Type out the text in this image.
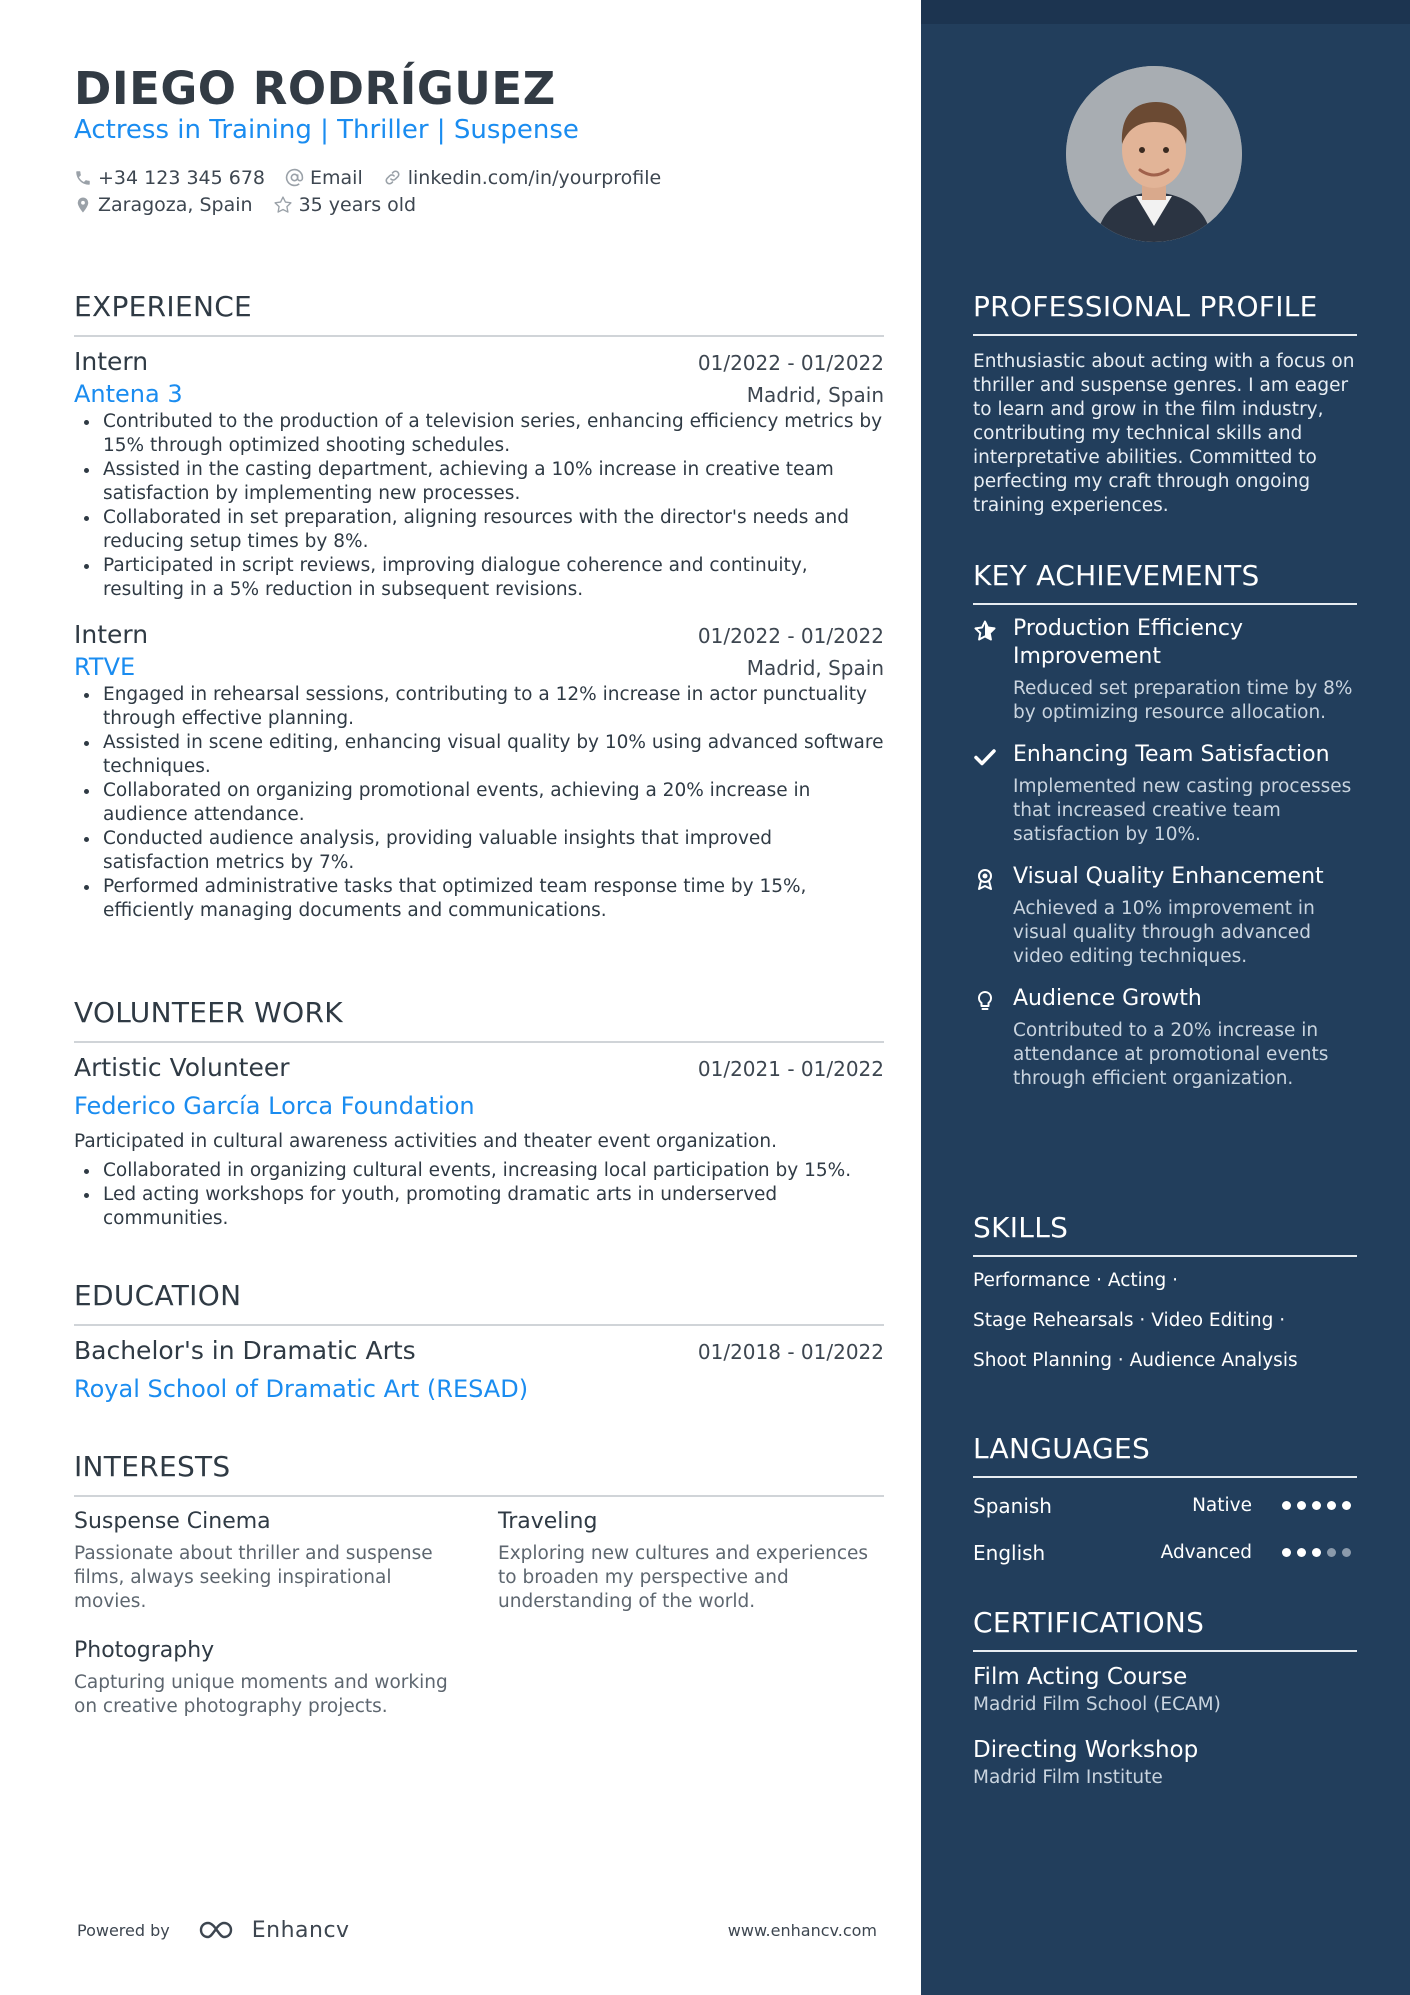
DIEGO RODRÍGUEZ
Actress in Training | Thriller | Suspense
+34 123 345 678 Email linkedin.com/in/yourprofile
Zaragoza, Spain 35 years old
EXPERIENCE
Intern	01/2022 - 01/2022
Antena 3	Madrid, Spain
• Contributed to the production of a television series, enhancing efficiency metrics by 15% through optimized shooting schedules.
• Assisted in the casting department, achieving a 10% increase in creative team satisfaction by implementing new processes.
• Collaborated in set preparation, aligning resources with the director's needs and reducing setup times by 8%.
• Participated in script reviews, improving dialogue coherence and continuity, resulting in a 5% reduction in subsequent revisions.
Intern	01/2022 - 01/2022
RTVE	Madrid, Spain
• Engaged in rehearsal sessions, contributing to a 12% increase in actor punctuality through effective planning.
• Assisted in scene editing, enhancing visual quality by 10% using advanced software techniques.
• Collaborated on organizing promotional events, achieving a 20% increase in audience attendance.
• Conducted audience analysis, providing valuable insights that improved satisfaction metrics by 7%.
• Performed administrative tasks that optimized team response time by 15%, efficiently managing documents and communications.
VOLUNTEER WORK
Artistic Volunteer	01/2021 - 01/2022
Federico García Lorca Foundation
Participated in cultural awareness activities and theater event organization.
• Collaborated in organizing cultural events, increasing local participation by 15%.
• Led acting workshops for youth, promoting dramatic arts in underserved communities.
EDUCATION
Bachelor's in Dramatic Arts	01/2018 - 01/2022
Royal School of Dramatic Art (RESAD)
INTERESTS
Suspense Cinema
Passionate about thriller and suspense films, always seeking inspirational movies.
Traveling
Exploring new cultures and experiences to broaden my perspective and understanding of the world.
Photography
Capturing unique moments and working on creative photography projects.
Powered by	Enhancv	www.enhancv.com
PROFESSIONAL PROFILE
Enthusiastic about acting with a focus on thriller and suspense genres. I am eager to learn and grow in the film industry, contributing my technical skills and interpretative abilities. Committed to perfecting my craft through ongoing training experiences.
KEY ACHIEVEMENTS
Production Efficiency Improvement
Reduced set preparation time by 8% by optimizing resource allocation.
Enhancing Team Satisfaction
Implemented new casting processes that increased creative team satisfaction by 10%.
Visual Quality Enhancement
Achieved a 10% improvement in visual quality through advanced video editing techniques.
Audience Growth
Contributed to a 20% increase in attendance at promotional events through efficient organization.
SKILLS
Performance · Acting ·
Stage Rehearsals · Video Editing ·
Shoot Planning · Audience Analysis
LANGUAGES
Spanish	Native
English	Advanced
CERTIFICATIONS
Film Acting Course
Madrid Film School (ECAM)
Directing Workshop
Madrid Film Institute
